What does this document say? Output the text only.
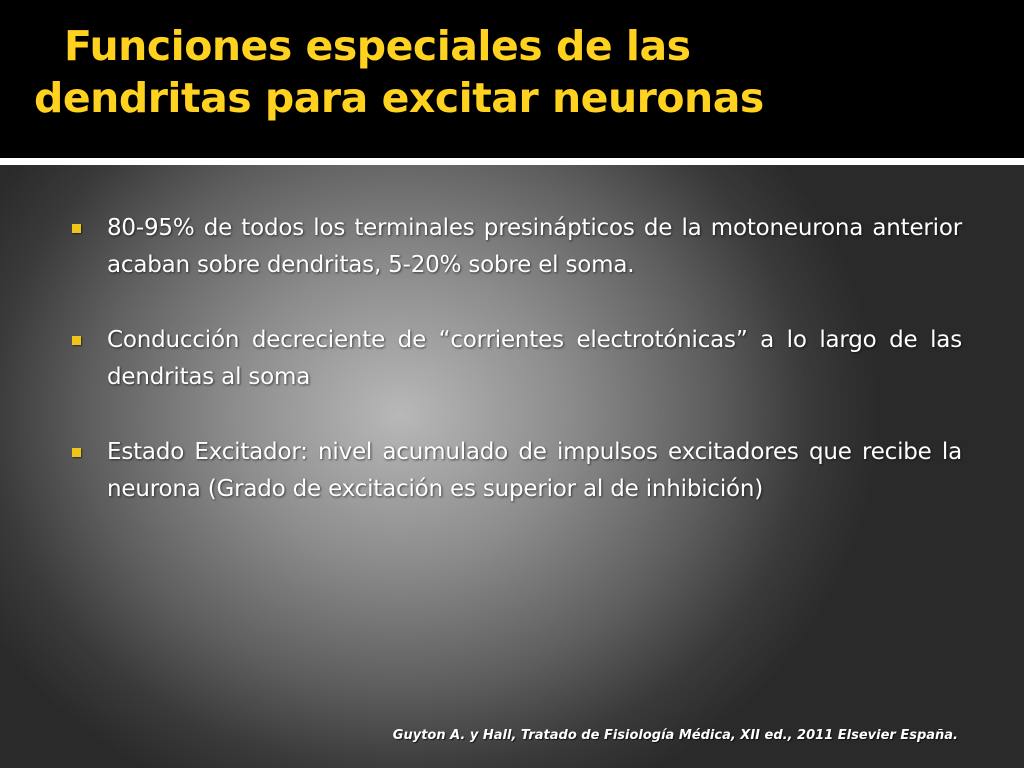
Funciones especiales de las
dendritas para excitar neuronas
80-95% de todos los terminales presinápticos de la motoneurona anterior acaban sobre dendritas, 5-20% sobre el soma.
Conducción decreciente de “corrientes electrotónicas” a lo largo de las dendritas al soma
Estado Excitador: nivel acumulado de impulsos excitadores que recibe la neurona (Grado de excitación es superior al de inhibición)
Guyton A. y Hall, Tratado de Fisiología Médica, XII ed., 2011 Elsevier España.
